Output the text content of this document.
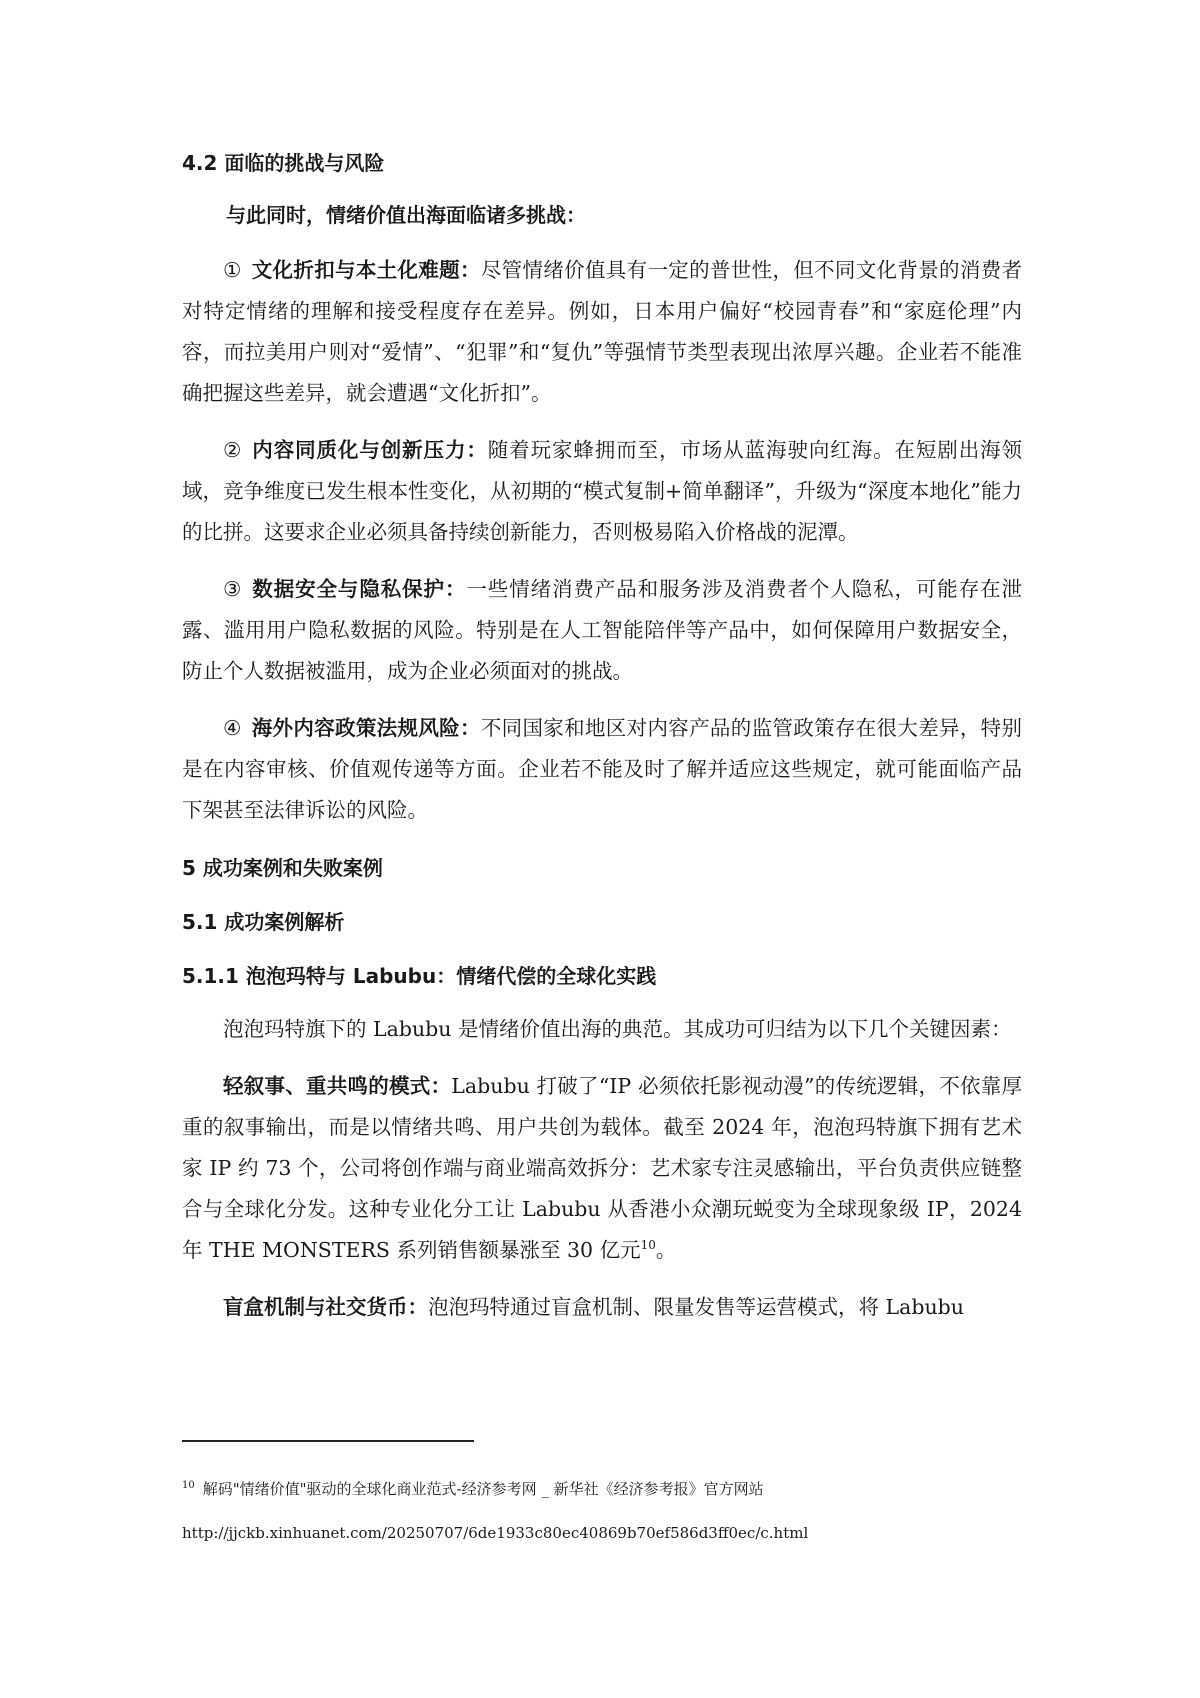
4.2 面临的挑战与风险

与此同时，情绪价值出海面临诸多挑战：

① 文化折扣与本土化难题：尽管情绪价值具有一定的普世性，但不同文化背景的消费者对特定情绪的理解和接受程度存在差异。例如，日本用户偏好“校园青春”和“家庭伦理”内容，而拉美用户则对“爱情”、“犯罪”和“复仇”等强情节类型表现出浓厚兴趣。企业若不能准确把握这些差异，就会遭遇“文化折扣”。

② 内容同质化与创新压力：随着玩家蜂拥而至，市场从蓝海驶向红海。在短剧出海领域，竞争维度已发生根本性变化，从初期的“模式复制+简单翻译”，升级为“深度本地化”能力的比拼。这要求企业必须具备持续创新能力，否则极易陷入价格战的泥潭。

③ 数据安全与隐私保护：一些情绪消费产品和服务涉及消费者个人隐私，可能存在泄露、滥用用户隐私数据的风险。特别是在人工智能陪伴等产品中，如何保障用户数据安全，防止个人数据被滥用，成为企业必须面对的挑战。

④ 海外内容政策法规风险：不同国家和地区对内容产品的监管政策存在很大差异，特别是在内容审核、价值观传递等方面。企业若不能及时了解并适应这些规定，就可能面临产品下架甚至法律诉讼的风险。

5 成功案例和失败案例
5.1 成功案例解析
5.1.1 泡泡玛特与 Labubu：情绪代偿的全球化实践

泡泡玛特旗下的 Labubu 是情绪价值出海的典范。其成功可归结为以下几个关键因素：

轻叙事、重共鸣的模式：Labubu 打破了“IP 必须依托影视动漫”的传统逻辑，不依靠厚重的叙事输出，而是以情绪共鸣、用户共创为载体。截至 2024 年，泡泡玛特旗下拥有艺术家 IP 约 73 个，公司将创作端与商业端高效拆分：艺术家专注灵感输出，平台负责供应链整合与全球化分发。这种专业化分工让 Labubu 从香港小众潮玩蜕变为全球现象级 IP，2024 年 THE MONSTERS 系列销售额暴涨至 30 亿元$^{10}$。

盲盒机制与社交货币：泡泡玛特通过盲盒机制、限量发售等运营模式，将 Labubu

$^{10}$ 解码"情绪价值"驱动的全球化商业范式-经济参考网 _ 新华社《经济参考报》官方网站
http://jjckb.xinhuanet.com/20250707/6de1933c80ec40869b70ef586d3ff0ec/c.html
